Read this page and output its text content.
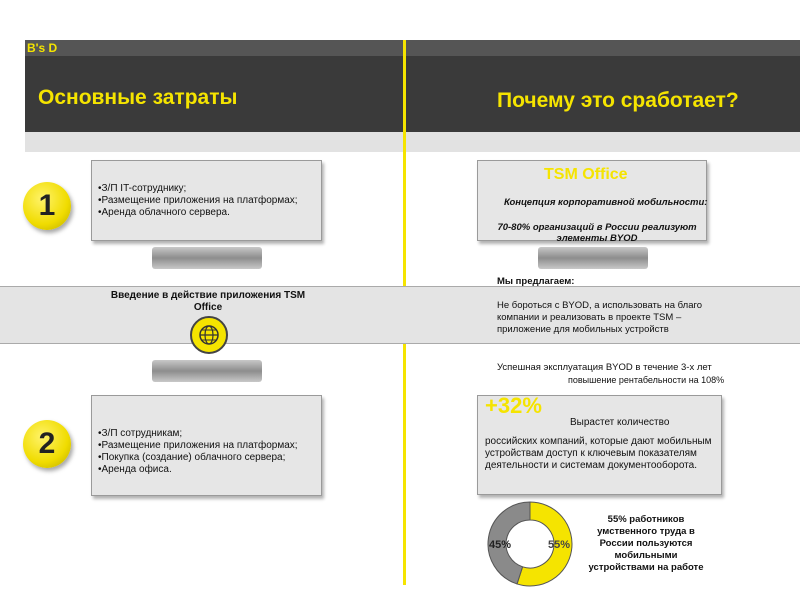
B's D
Основные затраты	Почему это сработает?
1
• З/П IT-сотруднику;
• Размещение приложения на платформах;
• Аренда облачного сервера.
Введение в действие приложения TSM Office
2
•	З/П сотрудникам;
• Размещение приложения на платформах;
• Покупка (создание) облачного сервера;
• Аренда офиса.
TSM Office
Концепция корпоративной мобильности:
70-80% организаций в России реализуют элементы BYOD
Мы предлагаем:
Не бороться с BYOD, а использовать на благо компании и реализовать в проекте TSM – приложение для мобильных устройств
Успешная эксплуатация BYOD в течение 3-х лет
повышение рентабельности на 108%
+32%
Вырастет количество
российских компаний, которые дают мобильным устройствам доступ к ключевым показателям деятельности и системам документооборота.
45%	55%
55% работников умственного труда в России пользуются мобильными устройствами на работе
